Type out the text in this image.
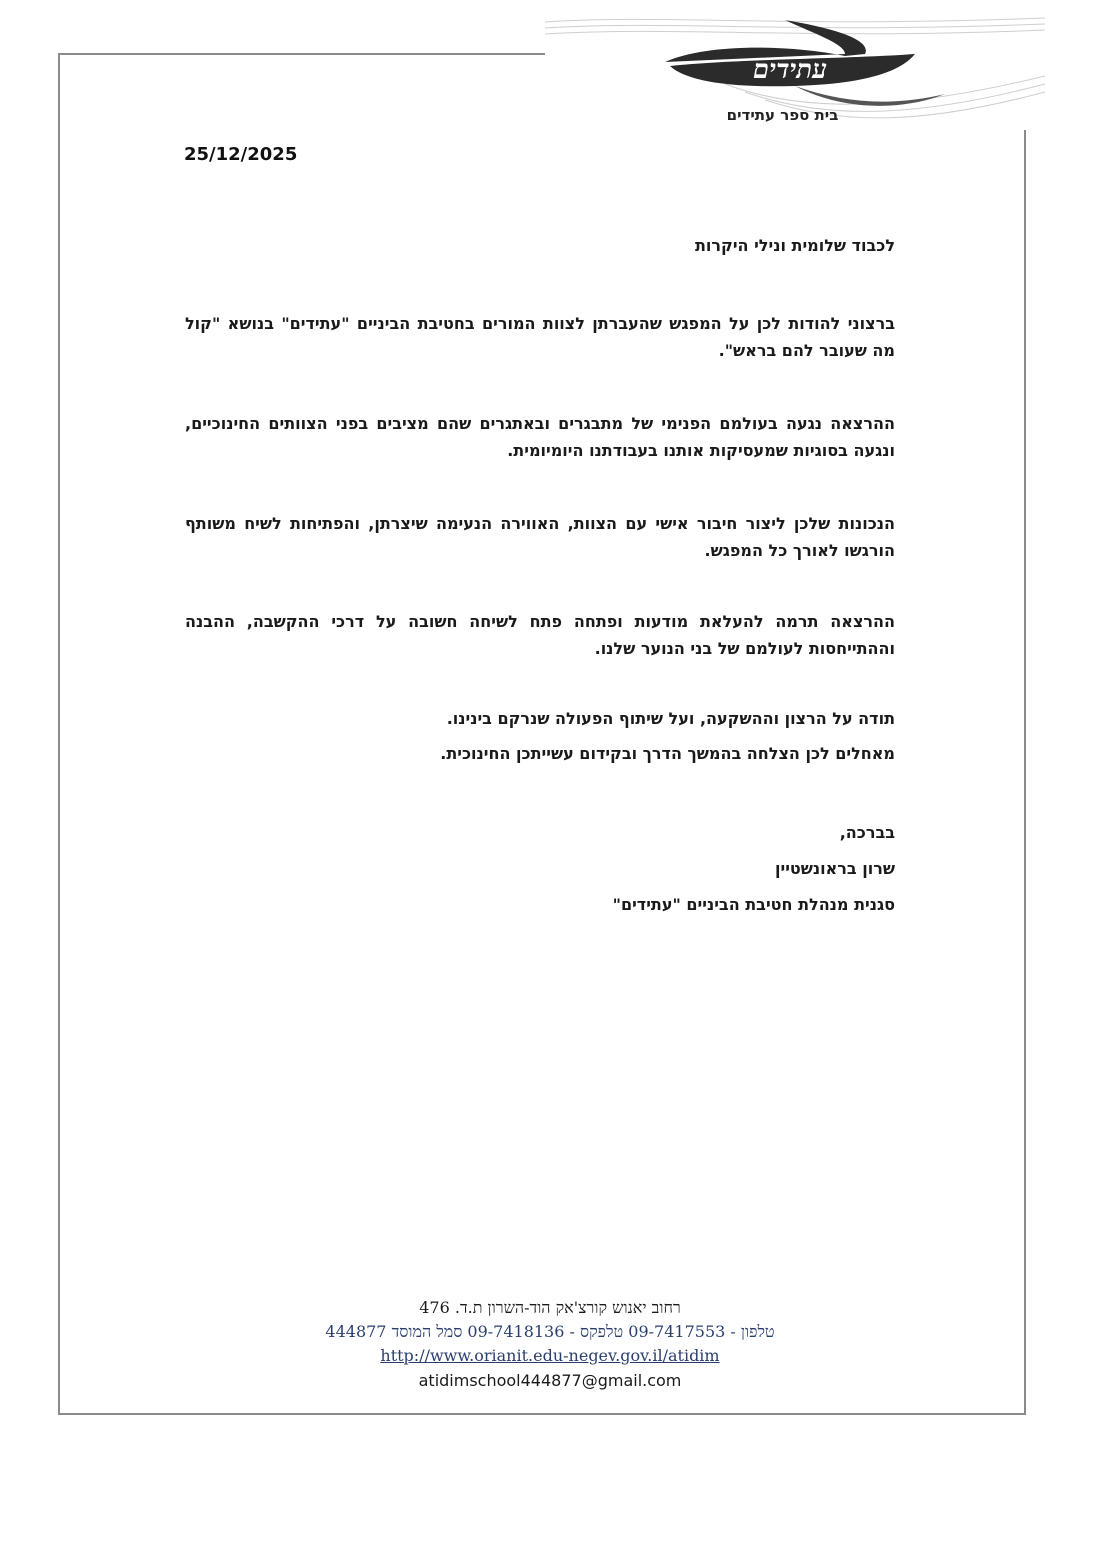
עתידים
בית ספר עתידים
25/12/2025
לכבוד שלומית ונילי היקרות
ברצוני להודות לכן על המפגש שהעברתן לצוות המורים בחטיבת הביניים "עתידים" בנושא "קול מה שעובר להם בראש".
ההרצאה נגעה בעולמם הפנימי של מתבגרים ובאתגרים שהם מציבים בפני הצוותים החינוכיים, ונגעה בסוגיות שמעסיקות אותנו בעבודתנו היומיומית.
הנכונות שלכן ליצור חיבור אישי עם הצוות, האווירה הנעימה שיצרתן, והפתיחות לשיח משותף הורגשו לאורך כל המפגש.
ההרצאה תרמה להעלאת מודעות ופתחה פתח לשיחה חשובה על דרכי ההקשבה, ההבנה וההתייחסות לעולמם של בני הנוער שלנו.
תודה על הרצון וההשקעה, ועל שיתוף הפעולה שנרקם בינינו.
מאחלים לכן הצלחה בהמשך הדרך ובקידום עשייתכן החינוכית.

בברכה,

שרון בראונשטיין

סגנית מנהלת חטיבת הביניים "עתידים"

רחוב יאנוש קורצ'אק הוד-השרון ת.ד. 476
טלפון - 09-7417553 טלפקס - 09-7418136 סמל המוסד 444877
http://www.orianit.edu-negev.gov.il/atidim
atidimschool444877@gmail.com
